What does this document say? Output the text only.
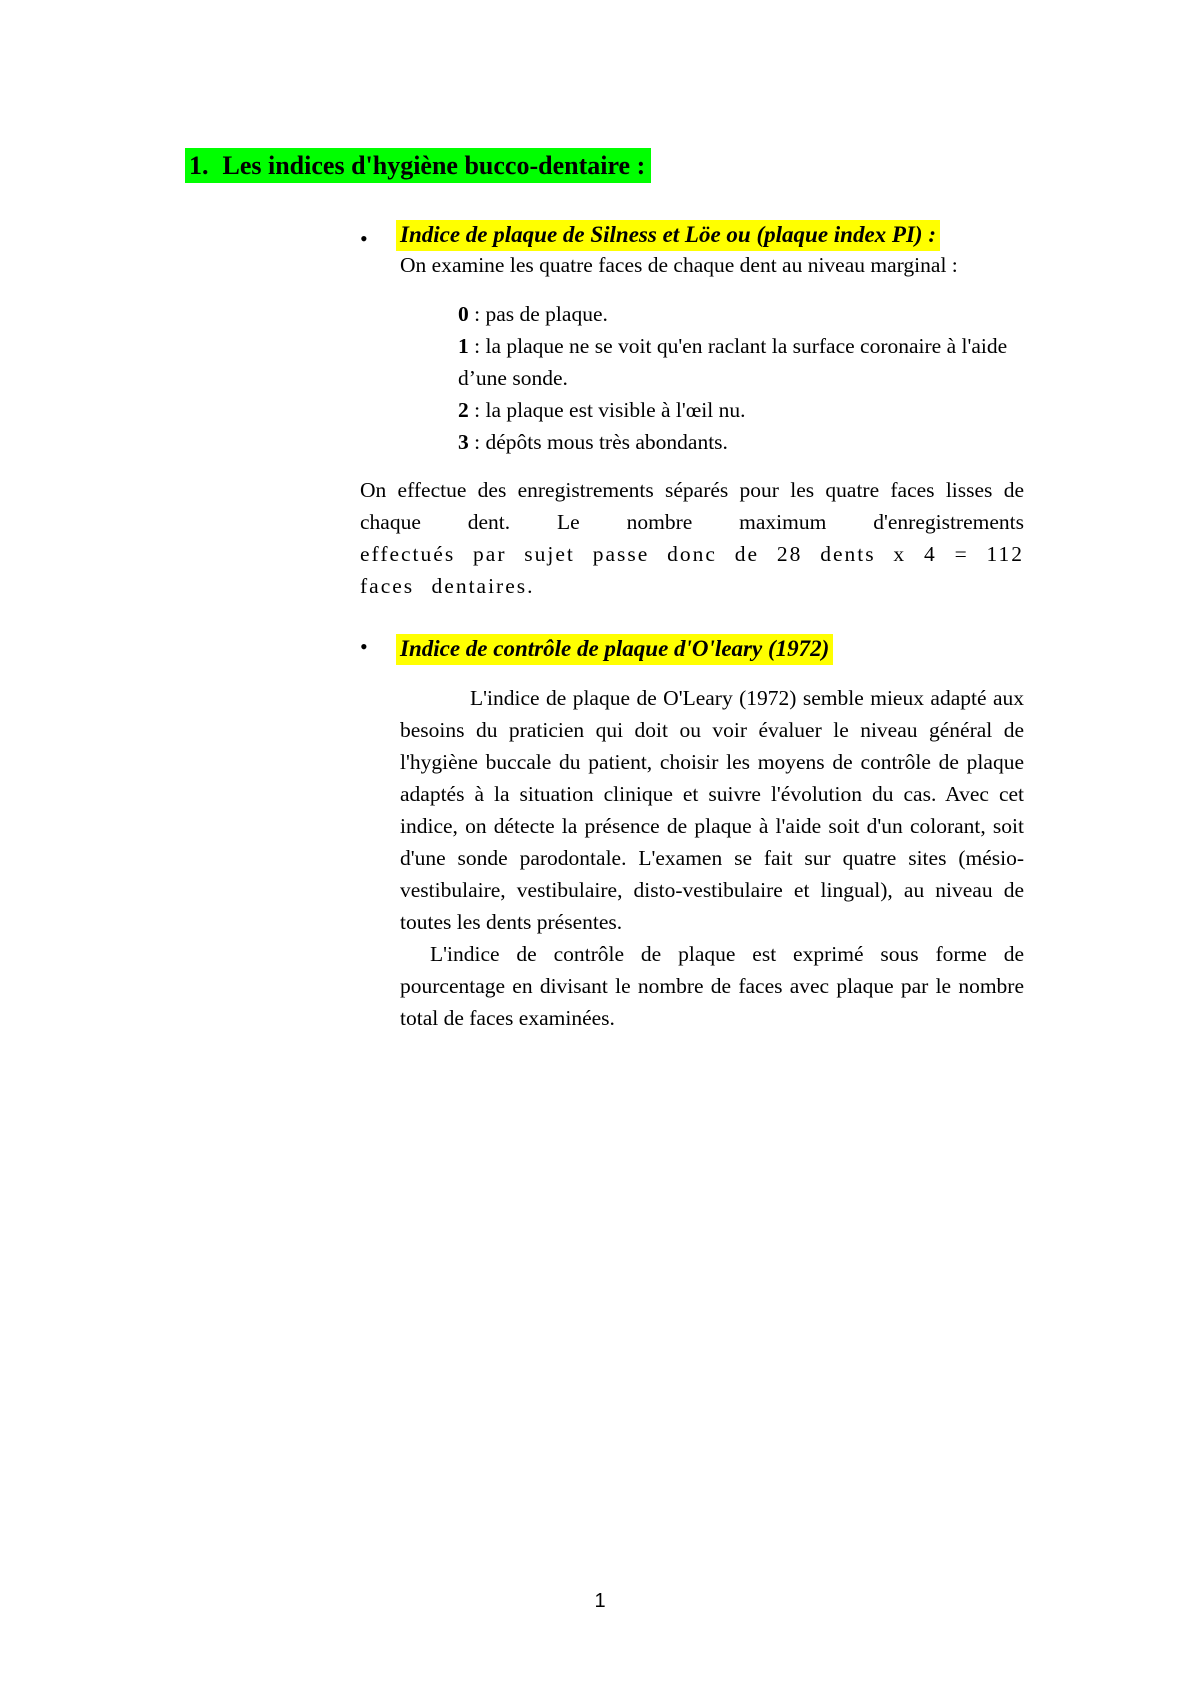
1. Les indices d'hygiène bucco-dentaire :
• Indice de plaque de Silness et Löe ou (plaque index PI) :
On examine les quatre faces de chaque dent au niveau marginal :
0 : pas de plaque.
1 : la plaque ne se voit qu'en raclant la surface coronaire à l'aide d’une sonde.
2 : la plaque est visible à l'œil nu.
3 : dépôts mous très abondants.
On effectue des enregistrements séparés pour les quatre faces lisses de chaque dent. Le nombre maximum d'enregistrements
effectués par sujet passe donc de 28 dents x 4 = 112 faces dentaires.
• Indice de contrôle de plaque d'O'leary (1972)
L'indice de plaque de O'Leary (1972) semble mieux adapté aux besoins du praticien qui doit ou voir évaluer le niveau général de l'hygiène buccale du patient, choisir les moyens de contrôle de plaque adaptés à la situation clinique et suivre l'évolution du cas. Avec cet indice, on détecte la présence de plaque à l'aide soit d'un colorant, soit d'une sonde parodontale. L'examen se fait sur quatre sites (mésio-vestibulaire, vestibulaire, disto-vestibulaire et lingual), au niveau de toutes les dents présentes.
L'indice de contrôle de plaque est exprimé sous forme de pourcentage en divisant le nombre de faces avec plaque par le nombre total de faces examinées.
1
